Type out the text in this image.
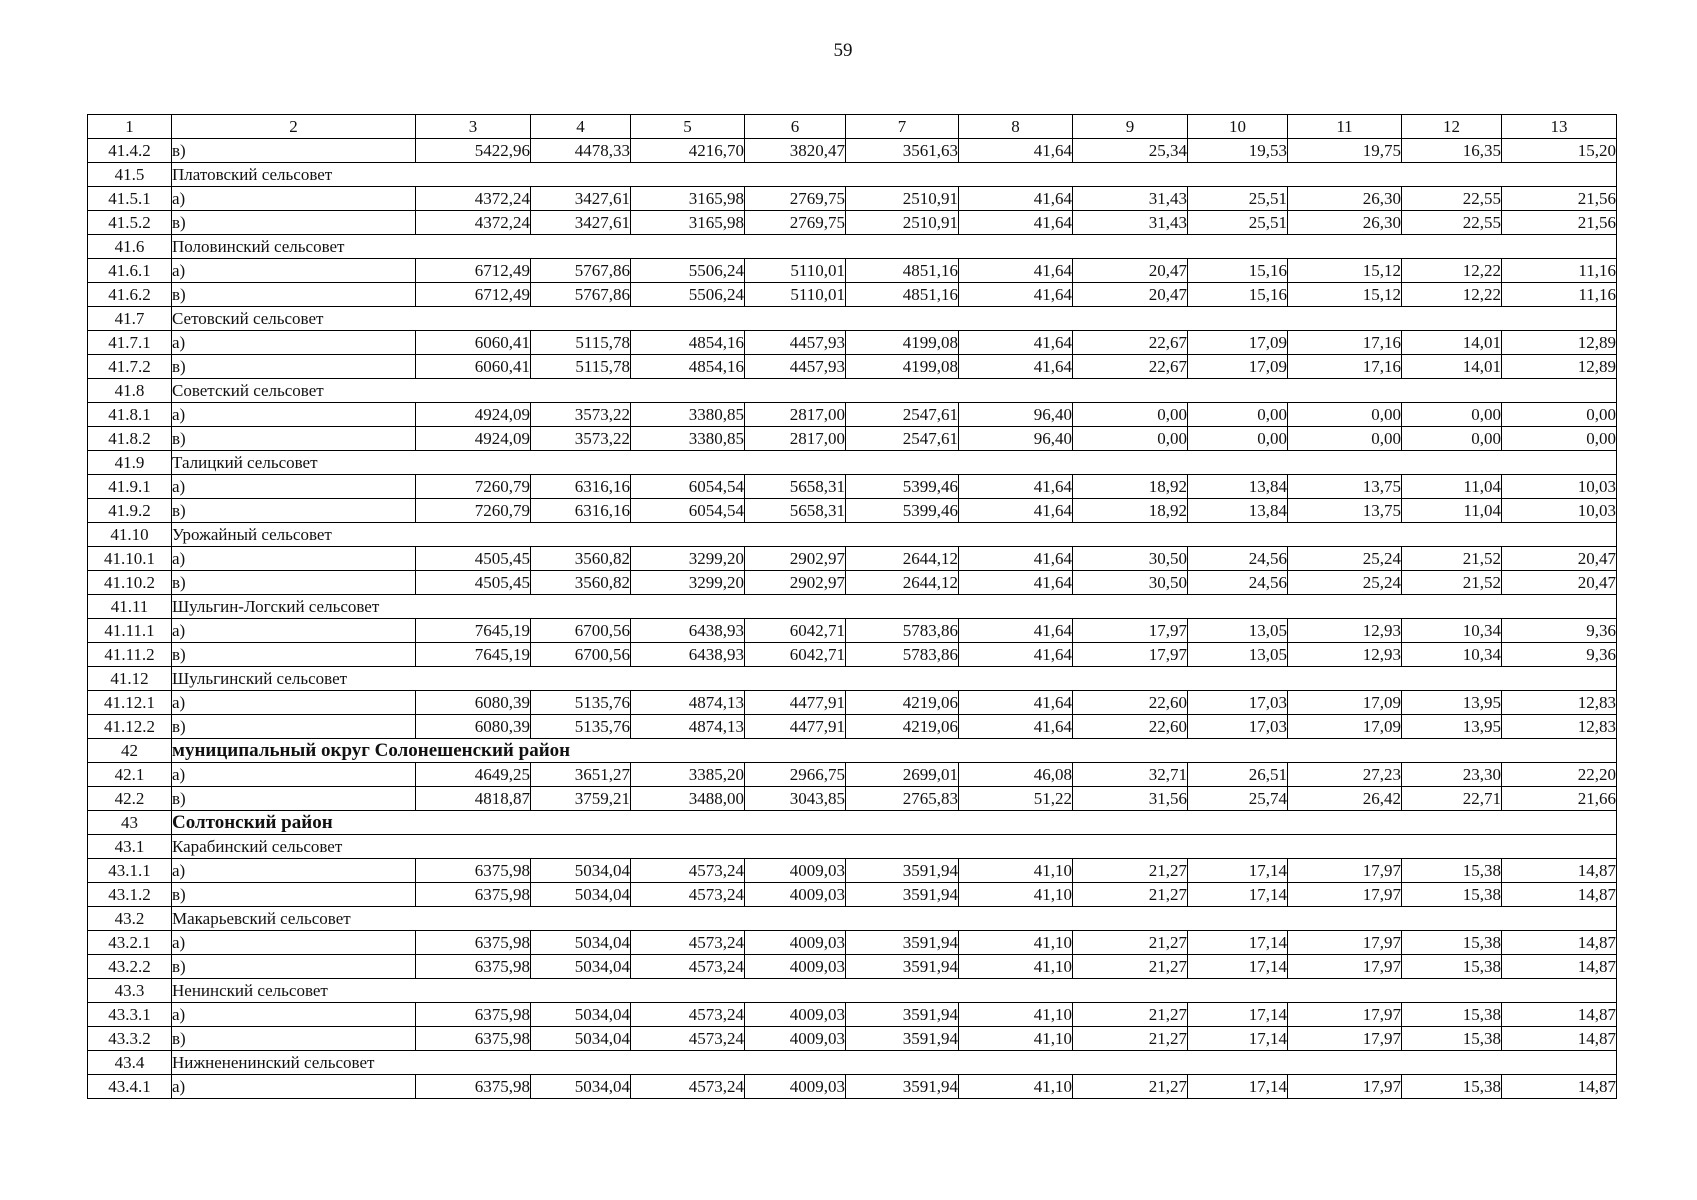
59
1	2	3	4	5	6	7	8	9	10	11	12	13
41.4.2	в)	5422,96	4478,33	4216,70	3820,47	3561,63	41,64	25,34	19,53	19,75	16,35	15,20
41.5	Платовский сельсовет											
41.5.1	а)	4372,24	3427,61	3165,98	2769,75	2510,91	41,64	31,43	25,51	26,30	22,55	21,56
41.5.2	в)	4372,24	3427,61	3165,98	2769,75	2510,91	41,64	31,43	25,51	26,30	22,55	21,56
41.6	Половинский сельсовет											
41.6.1	а)	6712,49	5767,86	5506,24	5110,01	4851,16	41,64	20,47	15,16	15,12	12,22	11,16
41.6.2	в)	6712,49	5767,86	5506,24	5110,01	4851,16	41,64	20,47	15,16	15,12	12,22	11,16
41.7	Сетовский сельсовет											
41.7.1	а)	6060,41	5115,78	4854,16	4457,93	4199,08	41,64	22,67	17,09	17,16	14,01	12,89
41.7.2	в)	6060,41	5115,78	4854,16	4457,93	4199,08	41,64	22,67	17,09	17,16	14,01	12,89
41.8	Советский сельсовет											
41.8.1	а)	4924,09	3573,22	3380,85	2817,00	2547,61	96,40	0,00	0,00	0,00	0,00	0,00
41.8.2	в)	4924,09	3573,22	3380,85	2817,00	2547,61	96,40	0,00	0,00	0,00	0,00	0,00
41.9	Талицкий сельсовет											
41.9.1	а)	7260,79	6316,16	6054,54	5658,31	5399,46	41,64	18,92	13,84	13,75	11,04	10,03
41.9.2	в)	7260,79	6316,16	6054,54	5658,31	5399,46	41,64	18,92	13,84	13,75	11,04	10,03
41.10	Урожайный сельсовет											
41.10.1	а)	4505,45	3560,82	3299,20	2902,97	2644,12	41,64	30,50	24,56	25,24	21,52	20,47
41.10.2	в)	4505,45	3560,82	3299,20	2902,97	2644,12	41,64	30,50	24,56	25,24	21,52	20,47
41.11	Шульгин-Логский сельсовет											
41.11.1	а)	7645,19	6700,56	6438,93	6042,71	5783,86	41,64	17,97	13,05	12,93	10,34	9,36
41.11.2	в)	7645,19	6700,56	6438,93	6042,71	5783,86	41,64	17,97	13,05	12,93	10,34	9,36
41.12	Шульгинский сельсовет											
41.12.1	а)	6080,39	5135,76	4874,13	4477,91	4219,06	41,64	22,60	17,03	17,09	13,95	12,83
41.12.2	в)	6080,39	5135,76	4874,13	4477,91	4219,06	41,64	22,60	17,03	17,09	13,95	12,83
42	муниципальный округ Солонешенский район											
42.1	а)	4649,25	3651,27	3385,20	2966,75	2699,01	46,08	32,71	26,51	27,23	23,30	22,20
42.2	в)	4818,87	3759,21	3488,00	3043,85	2765,83	51,22	31,56	25,74	26,42	22,71	21,66
43	Солтонский район											
43.1	Карабинский сельсовет											
43.1.1	а)	6375,98	5034,04	4573,24	4009,03	3591,94	41,10	21,27	17,14	17,97	15,38	14,87
43.1.2	в)	6375,98	5034,04	4573,24	4009,03	3591,94	41,10	21,27	17,14	17,97	15,38	14,87
43.2	Макарьевский сельсовет											
43.2.1	а)	6375,98	5034,04	4573,24	4009,03	3591,94	41,10	21,27	17,14	17,97	15,38	14,87
43.2.2	в)	6375,98	5034,04	4573,24	4009,03	3591,94	41,10	21,27	17,14	17,97	15,38	14,87
43.3	Ненинский сельсовет											
43.3.1	а)	6375,98	5034,04	4573,24	4009,03	3591,94	41,10	21,27	17,14	17,97	15,38	14,87
43.3.2	в)	6375,98	5034,04	4573,24	4009,03	3591,94	41,10	21,27	17,14	17,97	15,38	14,87
43.4	Нижнененинский сельсовет											
43.4.1	а)	6375,98	5034,04	4573,24	4009,03	3591,94	41,10	21,27	17,14	17,97	15,38	14,87
